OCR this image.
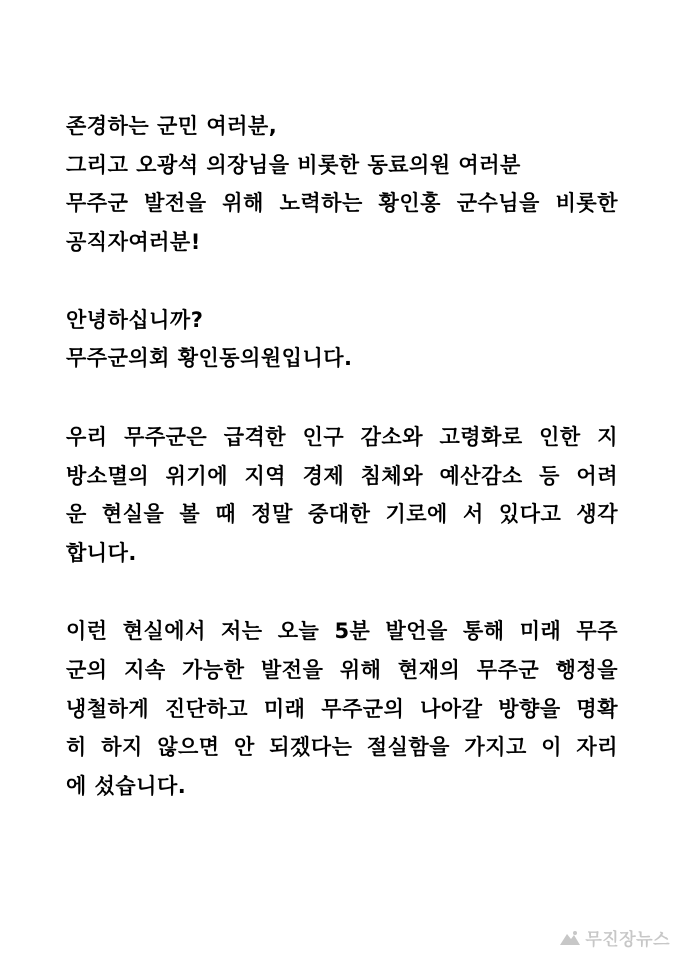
존경하는 군민 여러분,
그리고 오광석 의장님을 비롯한 동료의원 여러분
무주군 발전을 위해 노력하는 황인홍 군수님을 비롯한
공직자여러분!
안녕하십니까?
무주군의회 황인동의원입니다.
우리 무주군은 급격한 인구 감소와 고령화로 인한 지
방소멸의 위기에 지역 경제 침체와 예산감소 등 어려
운 현실을 볼 때 정말 중대한 기로에 서 있다고 생각
합니다.
이런 현실에서 저는 오늘 5분 발언을 통해 미래 무주
군의 지속 가능한 발전을 위해 현재의 무주군 행정을
냉철하게 진단하고 미래 무주군의 나아갈 방향을 명확
히 하지 않으면 안 되겠다는 절실함을 가지고 이 자리
에 섰습니다.
무진장뉴스
